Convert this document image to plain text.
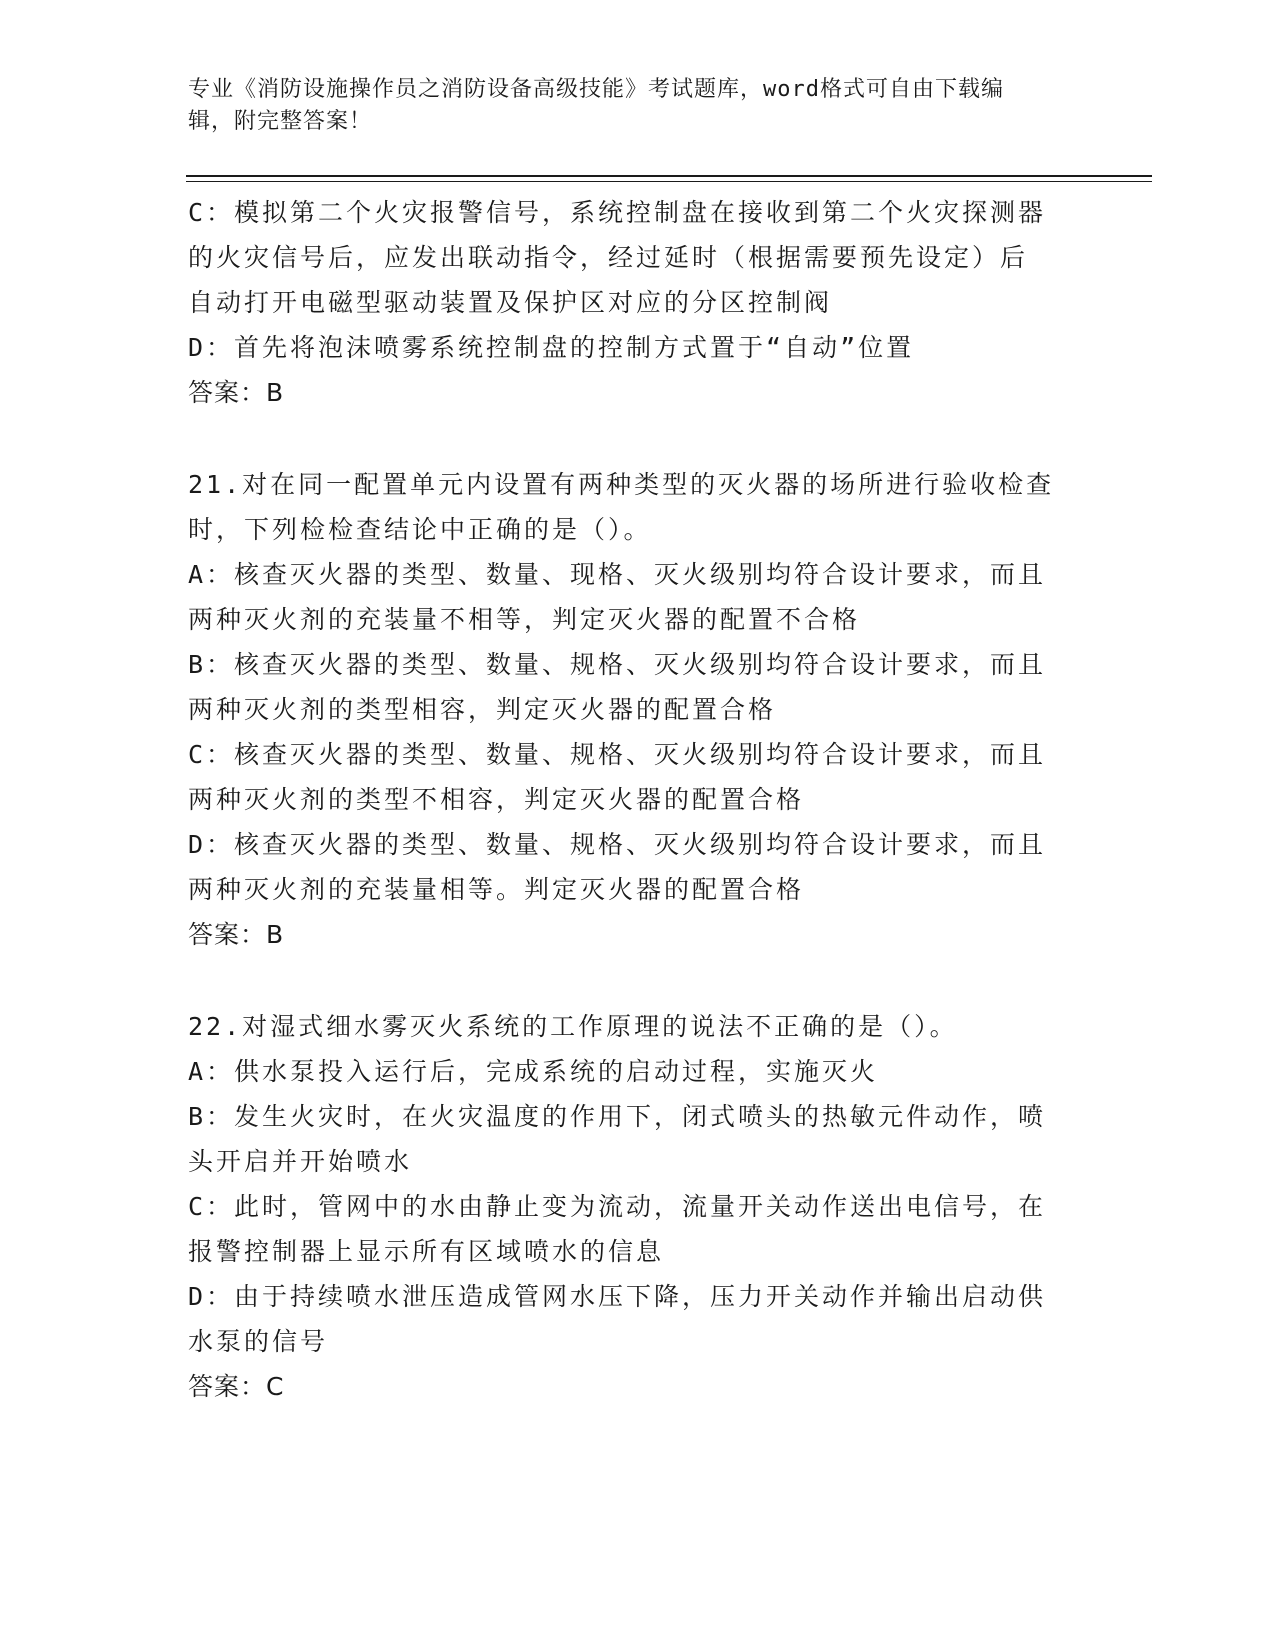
专业《消防设施操作员之消防设备高级技能》考试题库，word格式可自由下载编
辑，附完整答案！
C：模拟第二个火灾报警信号，系统控制盘在接收到第二个火灾探测器
的火灾信号后，应发出联动指令，经过延时（根据需要预先设定）后
自动打开电磁型驱动装置及保护区对应的分区控制阀
D：首先将泡沫喷雾系统控制盘的控制方式置于“自动”位置
答案：B
21.对在同一配置单元内设置有两种类型的灭火器的场所进行验收检查
时，下列检检查结论中正确的是（）。
A：核查灭火器的类型、数量、现格、灭火级别均符合设计要求，而且
两种灭火剂的充装量不相等，判定灭火器的配置不合格
B：核查灭火器的类型、数量、规格、灭火级别均符合设计要求，而且
两种灭火剂的类型相容，判定灭火器的配置合格
C：核查灭火器的类型、数量、规格、灭火级别均符合设计要求，而且
两种灭火剂的类型不相容，判定灭火器的配置合格
D：核查灭火器的类型、数量、规格、灭火级别均符合设计要求，而且
两种灭火剂的充装量相等。判定灭火器的配置合格
答案：B
22.对湿式细水雾灭火系统的工作原理的说法不正确的是（）。
A：供水泵投入运行后，完成系统的启动过程，实施灭火
B：发生火灾时，在火灾温度的作用下，闭式喷头的热敏元件动作，喷
头开启并开始喷水
C：此时，管网中的水由静止变为流动，流量开关动作送出电信号，在
报警控制器上显示所有区域喷水的信息
D：由于持续喷水泄压造成管网水压下降，压力开关动作并输出启动供
水泵的信号
答案：C
